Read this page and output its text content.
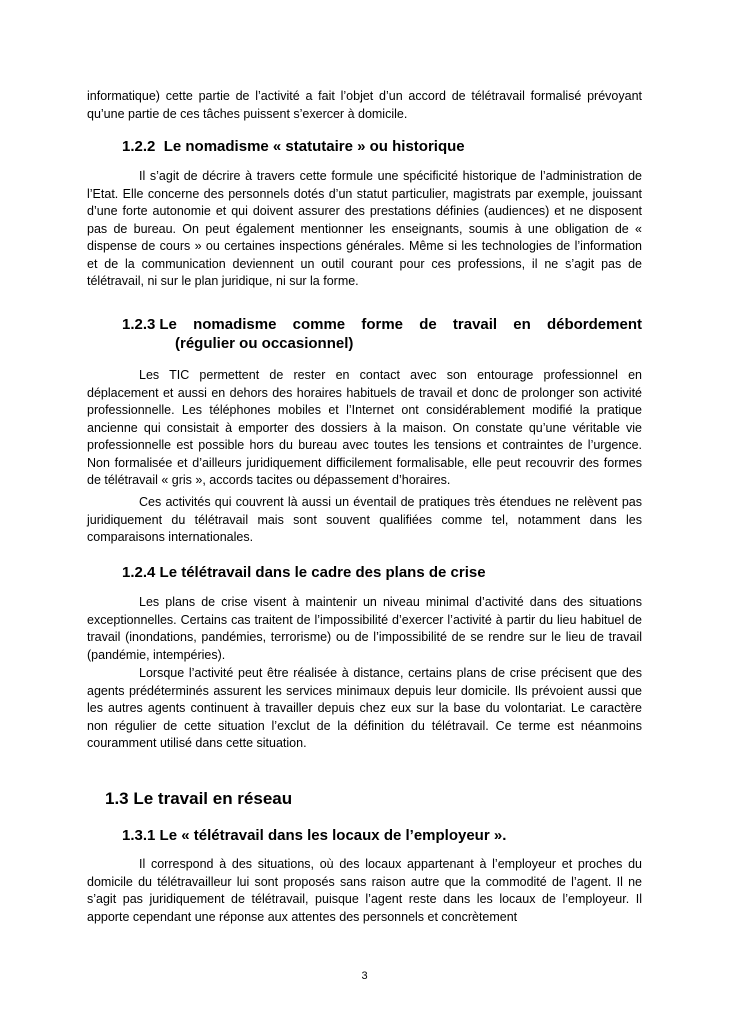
informatique) cette partie de l’activité a fait l’objet d’un accord de télétravail formalisé prévoyant qu’une partie de ces tâches puissent s’exercer à domicile.

1.2.2 Le nomadisme « statutaire » ou historique

Il s’agit de décrire à travers cette formule une spécificité historique de l’administration de l’Etat. Elle concerne des personnels dotés d’un statut particulier, magistrats par exemple, jouissant d’une forte autonomie et qui doivent assurer des prestations définies (audiences) et ne disposent pas de bureau. On peut également mentionner les enseignants, soumis à une obligation de « dispense de cours » ou certaines inspections générales. Même si les technologies de l’information et de la communication deviennent un outil courant pour ces professions, il ne s’agit pas de télétravail, ni sur le plan juridique, ni sur la forme.

1.2.3 Le nomadisme comme forme de travail en débordement
(régulier ou occasionnel)

Les TIC permettent de rester en contact avec son entourage professionnel en déplacement et aussi en dehors des horaires habituels de travail et donc de prolonger son activité professionnelle. Les téléphones mobiles et l’Internet ont considérablement modifié la pratique ancienne qui consistait à emporter des dossiers à la maison. On constate qu’une véritable vie professionnelle est possible hors du bureau avec toutes les tensions et contraintes de l’urgence. Non formalisée et d’ailleurs juridiquement difficilement formalisable, elle peut recouvrir des formes de télétravail « gris », accords tacites ou dépassement d’horaires.

Ces activités qui couvrent là aussi un éventail de pratiques très étendues ne relèvent pas juridiquement du télétravail mais sont souvent qualifiées comme tel, notamment dans les comparaisons internationales.

1.2.4 Le télétravail dans le cadre des plans de crise

Les plans de crise visent à maintenir un niveau minimal d’activité dans des situations exceptionnelles. Certains cas traitent de l’impossibilité d’exercer l’activité à partir du lieu habituel de travail (inondations, pandémies, terrorisme) ou de l’impossibilité de se rendre sur le lieu de travail (pandémie, intempéries).

Lorsque l’activité peut être réalisée à distance, certains plans de crise précisent que des agents prédéterminés assurent les services minimaux depuis leur domicile. Ils prévoient aussi que les autres agents continuent à travailler depuis chez eux sur la base du volontariat. Le caractère non régulier de cette situation l’exclut de la définition du télétravail. Ce terme est néanmoins couramment utilisé dans cette situation.

1.3 Le travail en réseau
1.3.1 Le « télétravail dans les locaux de l’employeur ».

Il correspond à des situations, où des locaux appartenant à l’employeur et proches du domicile du télétravailleur lui sont proposés sans raison autre que la commodité de l’agent. Il ne s’agit pas juridiquement de télétravail, puisque l’agent reste dans les locaux de l’employeur. Il apporte cependant une réponse aux attentes des personnels et concrètement

3
